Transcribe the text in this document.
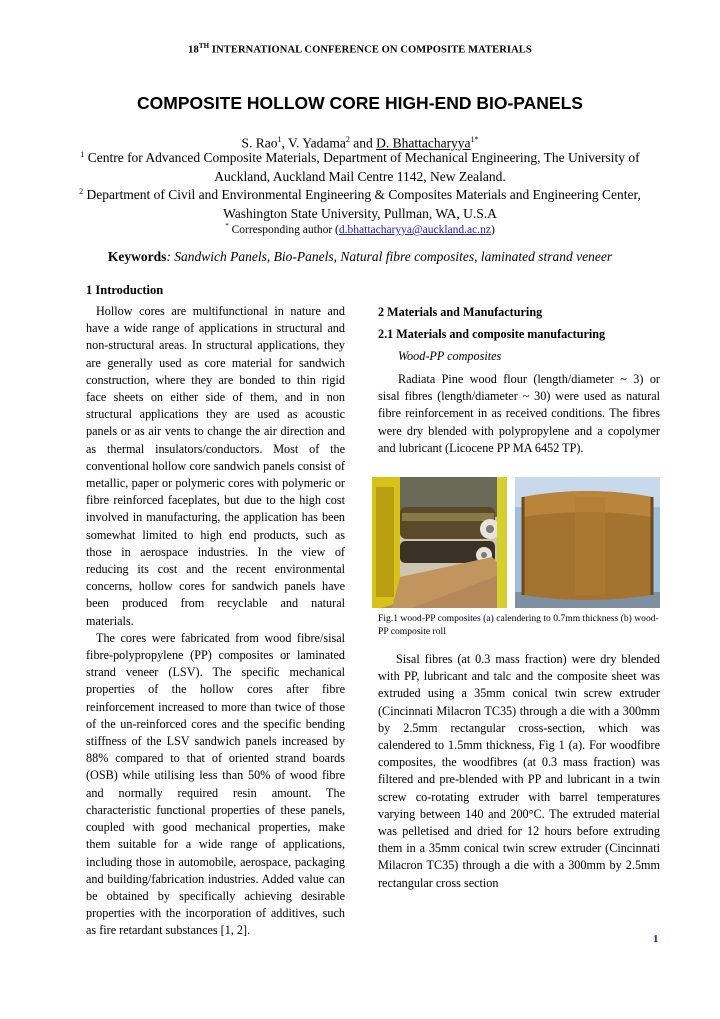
18TH INTERNATIONAL CONFERENCE ON COMPOSITE MATERIALS
COMPOSITE HOLLOW CORE HIGH-END BIO-PANELS
S. Rao$^1$, V. Yadama$^2$ and D. Bhattacharyya$^{1*}$
$^1$ Centre for Advanced Composite Materials, Department of Mechanical Engineering, The University of Auckland, Auckland Mail Centre 1142, New Zealand.
$^2$ Department of Civil and Environmental Engineering & Composites Materials and Engineering Center, Washington State University, Pullman, WA, U.S.A
* Corresponding author (d.bhattacharyya@auckland.ac.nz)
Keywords: Sandwich Panels, Bio-Panels, Natural fibre composites, laminated strand veneer
1 Introduction

Hollow cores are multifunctional in nature and have a wide range of applications in structural and non-structural areas. In structural applications, they are generally used as core material for sandwich construction, where they are bonded to thin rigid face sheets on either side of them, and in non structural applications they are used as acoustic panels or as air vents to change the air direction and as thermal insulators/conductors. Most of the conventional hollow core sandwich panels consist of metallic, paper or polymeric cores with polymeric or fibre reinforced faceplates, but due to the high cost involved in manufacturing, the application has been somewhat limited to high end products, such as those in aerospace industries. In the view of reducing its cost and the recent environmental concerns, hollow cores for sandwich panels have been produced from recyclable and natural materials.

The cores were fabricated from wood fibre/sisal fibre-polypropylene (PP) composites or laminated strand veneer (LSV). The specific mechanical properties of the hollow cores after fibre reinforcement increased to more than twice of those of the un-reinforced cores and the specific bending stiffness of the LSV sandwich panels increased by 88% compared to that of oriented strand boards (OSB) while utilising less than 50% of wood fibre and normally required resin amount. The characteristic functional properties of these panels, coupled with good mechanical properties, make them suitable for a wide range of applications, including those in automobile, aerospace, packaging and building/fabrication industries. Added value can be obtained by specifically achieving desirable properties with the incorporation of additives, such as fire retardant substances [1, 2].

2 Materials and Manufacturing
2.1 Materials and composite manufacturing
Wood-PP composites

Radiata Pine wood flour (length/diameter ~ 3) or sisal fibres (length/diameter ~ 30) were used as natural fibre reinforcement in as received conditions. The fibres were dry blended with polypropylene and a copolymer and lubricant (Licocene PP MA 6452 TP).

Fig.1 wood-PP composites (a) calendering to 0.7mm thickness (b) wood-PP composite roll

Sisal fibres (at 0.3 mass fraction) were dry blended with PP, lubricant and talc and the composite sheet was extruded using a 35mm conical twin screw extruder (Cincinnati Milacron TC35) through a die with a 300mm by 2.5mm rectangular cross-section, which was calendered to 1.5mm thickness, Fig 1 (a). For woodfibre composites, the woodfibres (at 0.3 mass fraction) was filtered and pre-blended with PP and lubricant in a twin screw co-rotating extruder with barrel temperatures varying between 140 and 200°C. The extruded material was pelletised and dried for 12 hours before extruding them in a 35mm conical twin screw extruder (Cincinnati Milacron TC35) through a die with a 300mm by 2.5mm rectangular cross section

1
